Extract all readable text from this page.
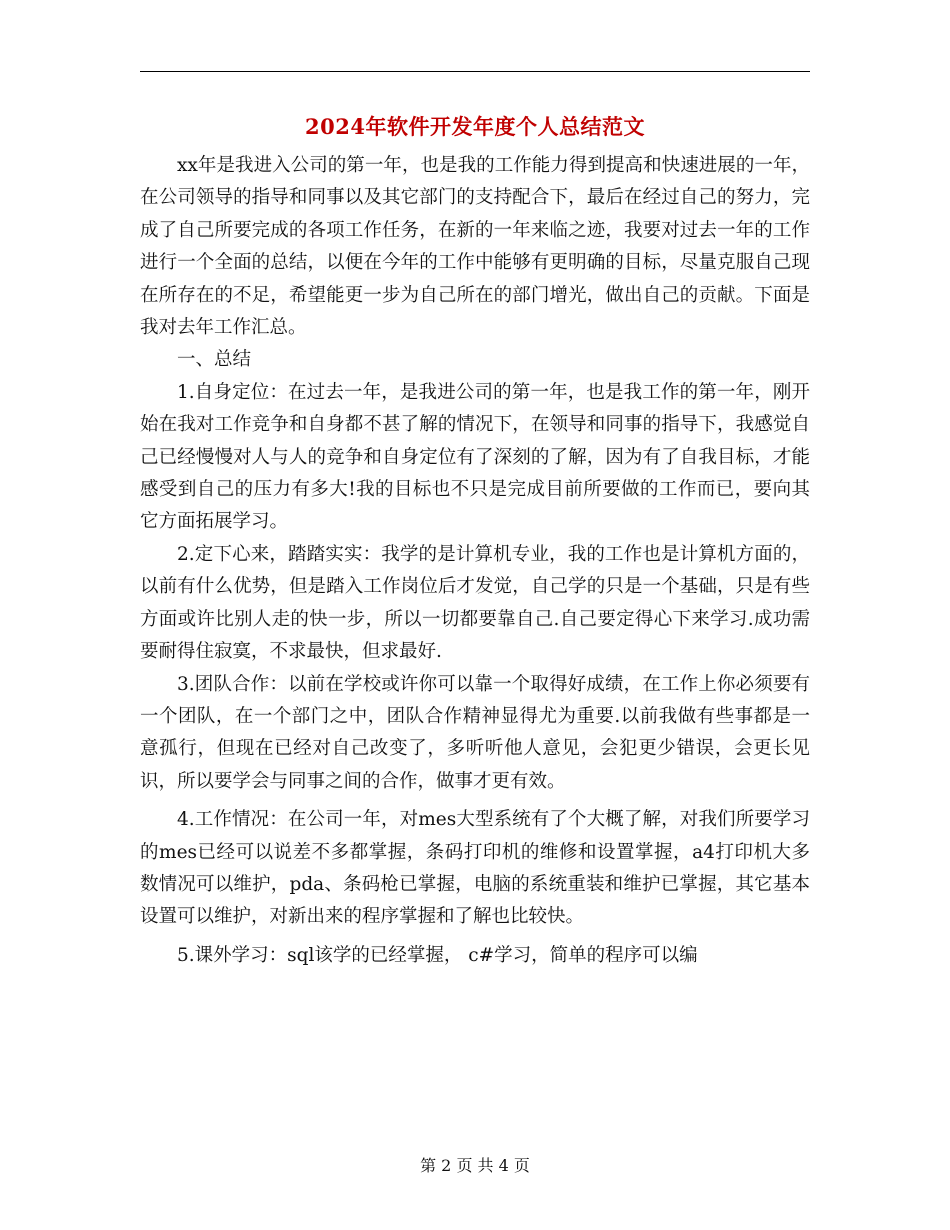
2024年软件开发年度个人总结范文

xx年是我进入公司的第一年，也是我的工作能力得到提高和快速进展的一年，在公司领导的指导和同事以及其它部门的支持配合下，最后在经过自己的努力，完成了自己所要完成的各项工作任务，在新的一年来临之迹，我要对过去一年的工作进行一个全面的总结，以便在今年的工作中能够有更明确的目标，尽量克服自己现在所存在的不足，希望能更一步为自己所在的部门增光，做出自己的贡献。下面是我对去年工作汇总。

一、总结

1.自身定位：在过去一年，是我进公司的第一年，也是我工作的第一年，刚开始在我对工作竞争和自身都不甚了解的情况下，在领导和同事的指导下，我感觉自己已经慢慢对人与人的竞争和自身定位有了深刻的了解，因为有了自我目标，才能感受到自己的压力有多大!我的目标也不只是完成目前所要做的工作而已，要向其它方面拓展学习。

2.定下心来，踏踏实实：我学的是计算机专业，我的工作也是计算机方面的，以前有什么优势，但是踏入工作岗位后才发觉，自己学的只是一个基础，只是有些方面或许比别人走的快一步，所以一切都要靠自己.自己要定得心下来学习.成功需要耐得住寂寞，不求最快，但求最好.

3.团队合作：以前在学校或许你可以靠一个取得好成绩，在工作上你必须要有一个团队，在一个部门之中，团队合作精神显得尤为重要.以前我做有些事都是一意孤行，但现在已经对自己改变了，多听听他人意见，会犯更少错误，会更长见识，所以要学会与同事之间的合作，做事才更有效。

4.工作情况：在公司一年，对mes大型系统有了个大概了解，对我们所要学习的mes已经可以说差不多都掌握，条码打印机的维修和设置掌握，a4打印机大多数情况可以维护，pda、条码枪已掌握，电脑的系统重装和维护已掌握，其它基本设置可以维护，对新出来的程序掌握和了解也比较快。

5.课外学习：sql该学的已经掌握， c#学习，简单的程序可以编

第 2 页 共 4 页
